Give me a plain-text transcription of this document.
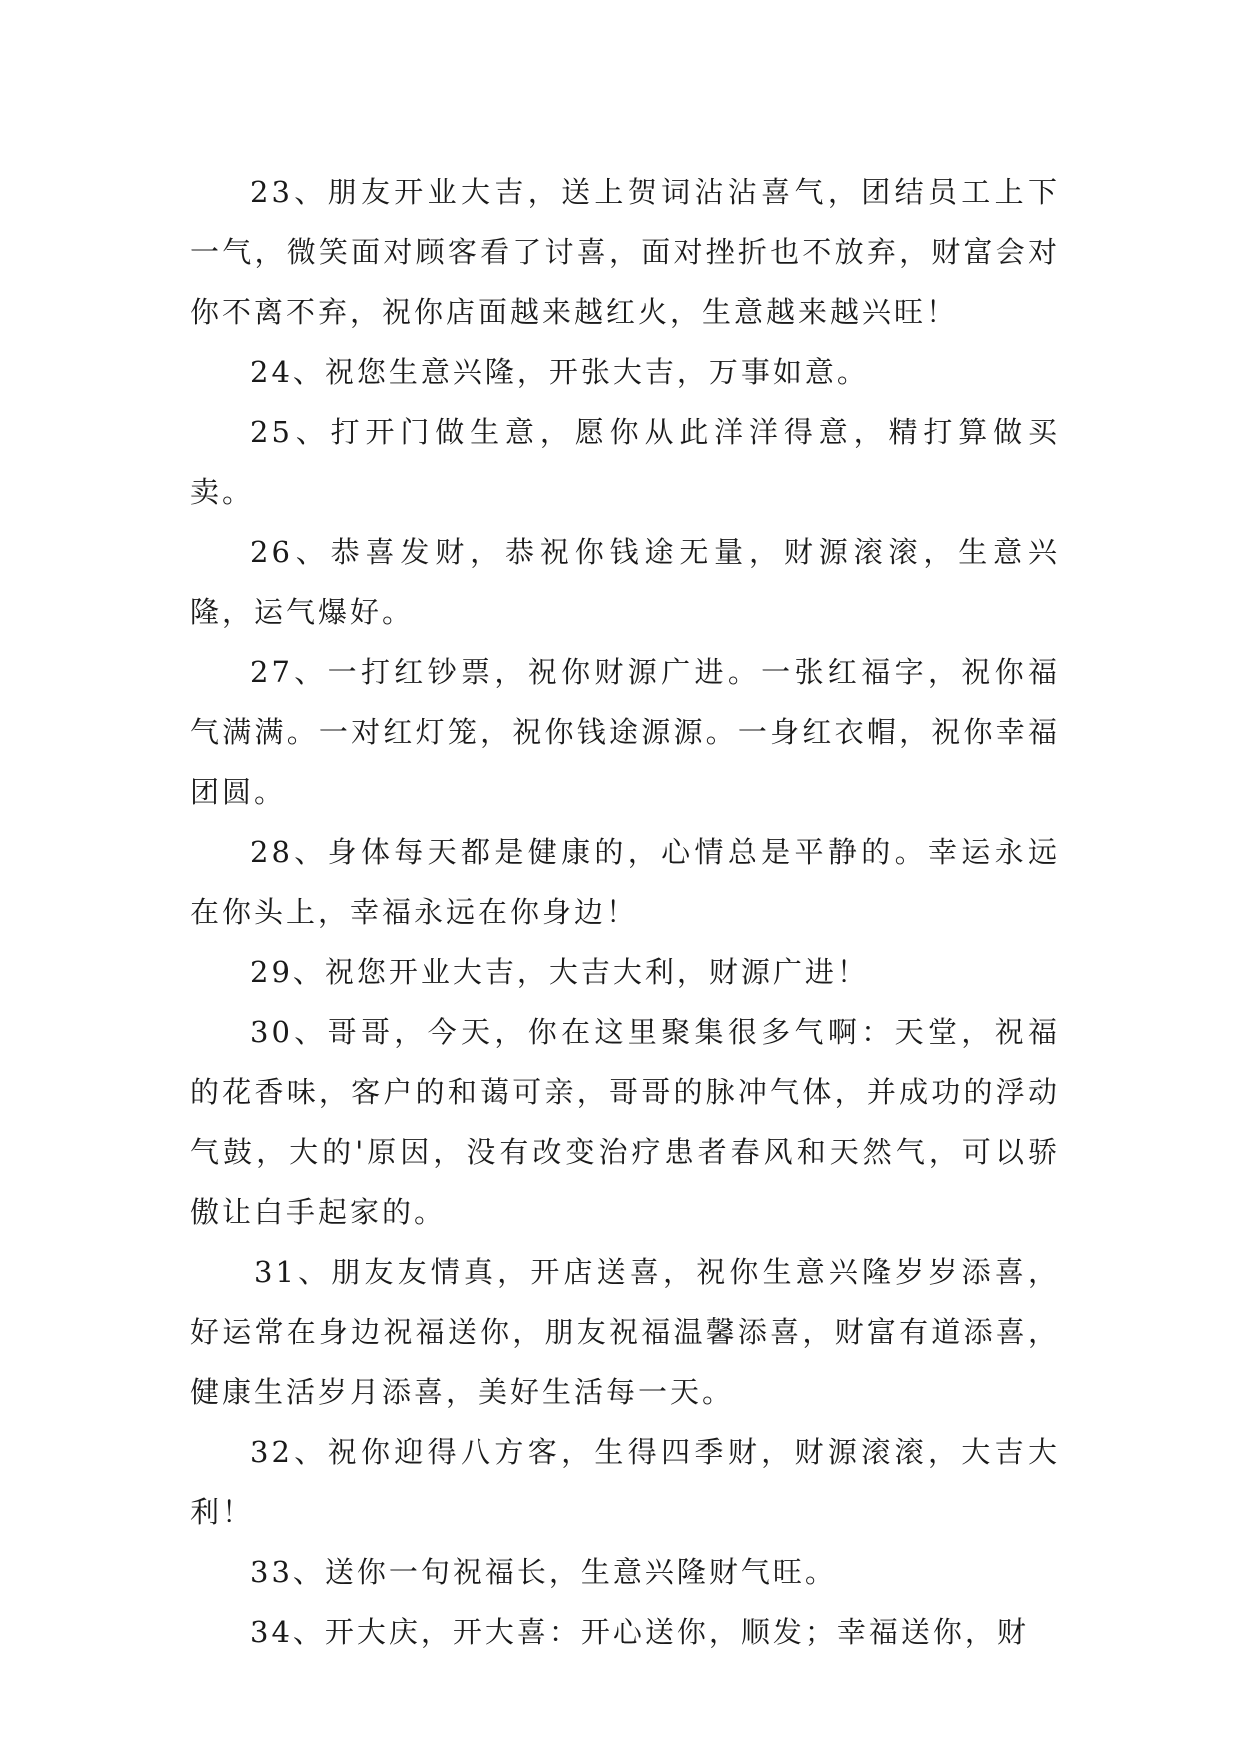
23、朋友开业大吉，送上贺词沾沾喜气，团结员工上下一气，微笑面对顾客看了讨喜，面对挫折也不放弃，财富会对你不离不弃，祝你店面越来越红火，生意越来越兴旺！

24、祝您生意兴隆，开张大吉，万事如意。

25、打开门做生意，愿你从此洋洋得意，精打算做买卖。

26、恭喜发财，恭祝你钱途无量，财源滚滚，生意兴隆，运气爆好。

27、一打红钞票，祝你财源广进。一张红福字，祝你福气满满。一对红灯笼，祝你钱途源源。一身红衣帽，祝你幸福团圆。

28、身体每天都是健康的，心情总是平静的。幸运永远在你头上，幸福永远在你身边！

29、祝您开业大吉，大吉大利，财源广进！

30、哥哥，今天，你在这里聚集很多气啊：天堂，祝福的花香味，客户的和蔼可亲，哥哥的脉冲气体，并成功的浮动气鼓，大的'原因，没有改变治疗患者春风和天然气，可以骄傲让白手起家的。

31、朋友友情真，开店送喜，祝你生意兴隆岁岁添喜，好运常在身边祝福送你，朋友祝福温馨添喜，财富有道添喜，健康生活岁月添喜，美好生活每一天。

32、祝你迎得八方客，生得四季财，财源滚滚，大吉大利！

33、送你一句祝福长，生意兴隆财气旺。

34、开大庆，开大喜：开心送你，顺发；幸福送你，财
